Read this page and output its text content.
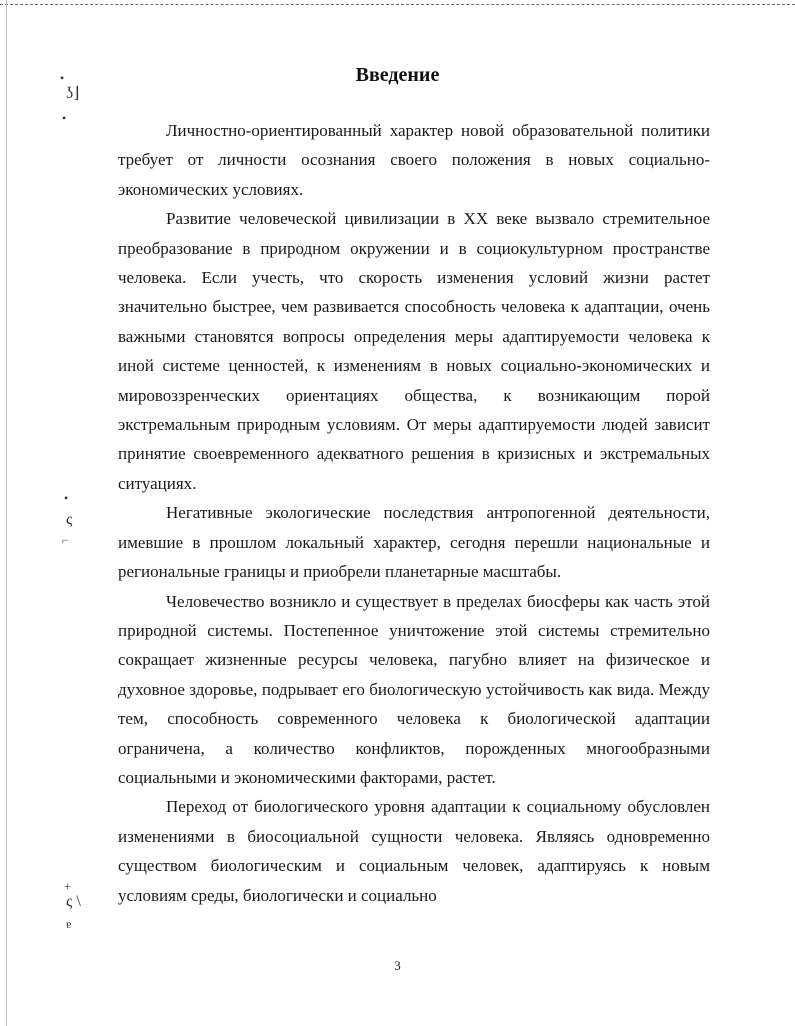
•
ʖ⌋
•
•
ς
⌐
+
ς \
ɐ
Введение

Личностно-ориентированный характер новой образовательной политики требует от личности осознания своего положения в новых социально-экономических условиях.

Развитие человеческой цивилизации в XX веке вызвало стремительное преобразование в природном окружении и в социокультурном пространстве человека. Если учесть, что скорость изменения условий жизни растет значительно быстрее, чем развивается способность человека к адаптации, очень важными становятся вопросы определения меры адаптируемости человека к иной системе ценностей, к изменениям в новых социально-экономических и мировоззренческих ориентациях общества, к возникающим порой экстремальным природным условиям. От меры адаптируемости людей зависит принятие своевременного адекватного решения в кризисных и экстремальных ситуациях.

Негативные экологические последствия антропогенной деятельности, имевшие в прошлом локальный характер, сегодня перешли национальные и региональные границы и приобрели планетарные масштабы.

Человечество возникло и существует в пределах биосферы как часть этой природной системы. Постепенное уничтожение этой системы стремительно сокращает жизненные ресурсы человека, пагубно влияет на физическое и духовное здоровье, подрывает его биологическую устойчивость как вида. Между тем, способность современного человека к биологической адаптации ограничена, а количество конфликтов, порожденных многообразными социальными и экономическими факторами, растет.

Переход от биологического уровня адаптации к социальному обусловлен изменениями в биосоциальной сущности человека. Являясь одновременно существом биологическим и социальным человек, адаптируясь к новым условиям среды, биологически и социально

3
